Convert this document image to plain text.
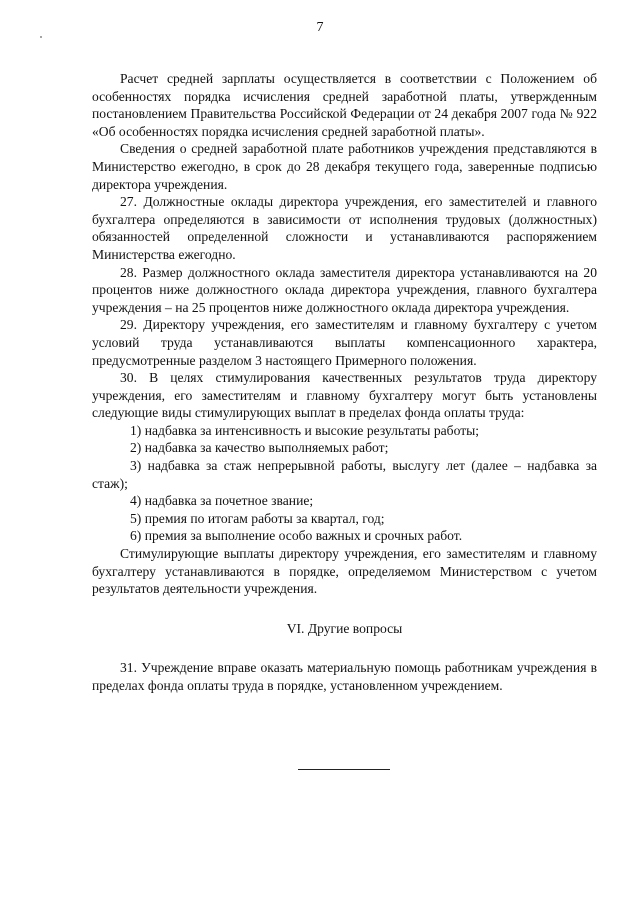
7

Расчет средней зарплаты осуществляется в соответствии с Положением об особенностях порядка исчисления средней заработной платы, утвержденным постановлением Правительства Российской Федерации от 24 декабря 2007 года № 922 «Об особенностях порядка исчисления средней заработной платы».

Сведения о средней заработной плате работников учреждения представляются в Министерство ежегодно, в срок до 28 декабря текущего года, заверенные подписью директора учреждения.

27. Должностные оклады директора учреждения, его заместителей и главного бухгалтера определяются в зависимости от исполнения трудовых (должностных) обязанностей определенной сложности и устанавливаются распоряжением Министерства ежегодно.

28. Размер должностного оклада заместителя директора устанавливаются на 20 процентов ниже должностного оклада директора учреждения, главного бухгалтера учреждения – на 25 процентов ниже должностного оклада директора учреждения.

29. Директору учреждения, его заместителям и главному бухгалтеру с учетом условий труда устанавливаются выплаты компенсационного характера, предусмотренные разделом 3 настоящего Примерного положения.

30. В целях стимулирования качественных результатов труда директору учреждения, его заместителям и главному бухгалтеру могут быть установлены следующие виды стимулирующих выплат в пределах фонда оплаты труда:

1) надбавка за интенсивность и высокие результаты работы;

2) надбавка за качество выполняемых работ;

3) надбавка за стаж непрерывной работы, выслугу лет (далее – надбавка за стаж);

4) надбавка за почетное звание;

5) премия по итогам работы за квартал, год;

6) премия за выполнение особо важных и срочных работ.

Стимулирующие выплаты директору учреждения, его заместителям и главному бухгалтеру устанавливаются в порядке, определяемом Министерством с учетом результатов деятельности учреждения.

VI. Другие вопросы

31. Учреждение вправе оказать материальную помощь работникам учреждения в пределах фонда оплаты труда в порядке, установленном учреждением.
